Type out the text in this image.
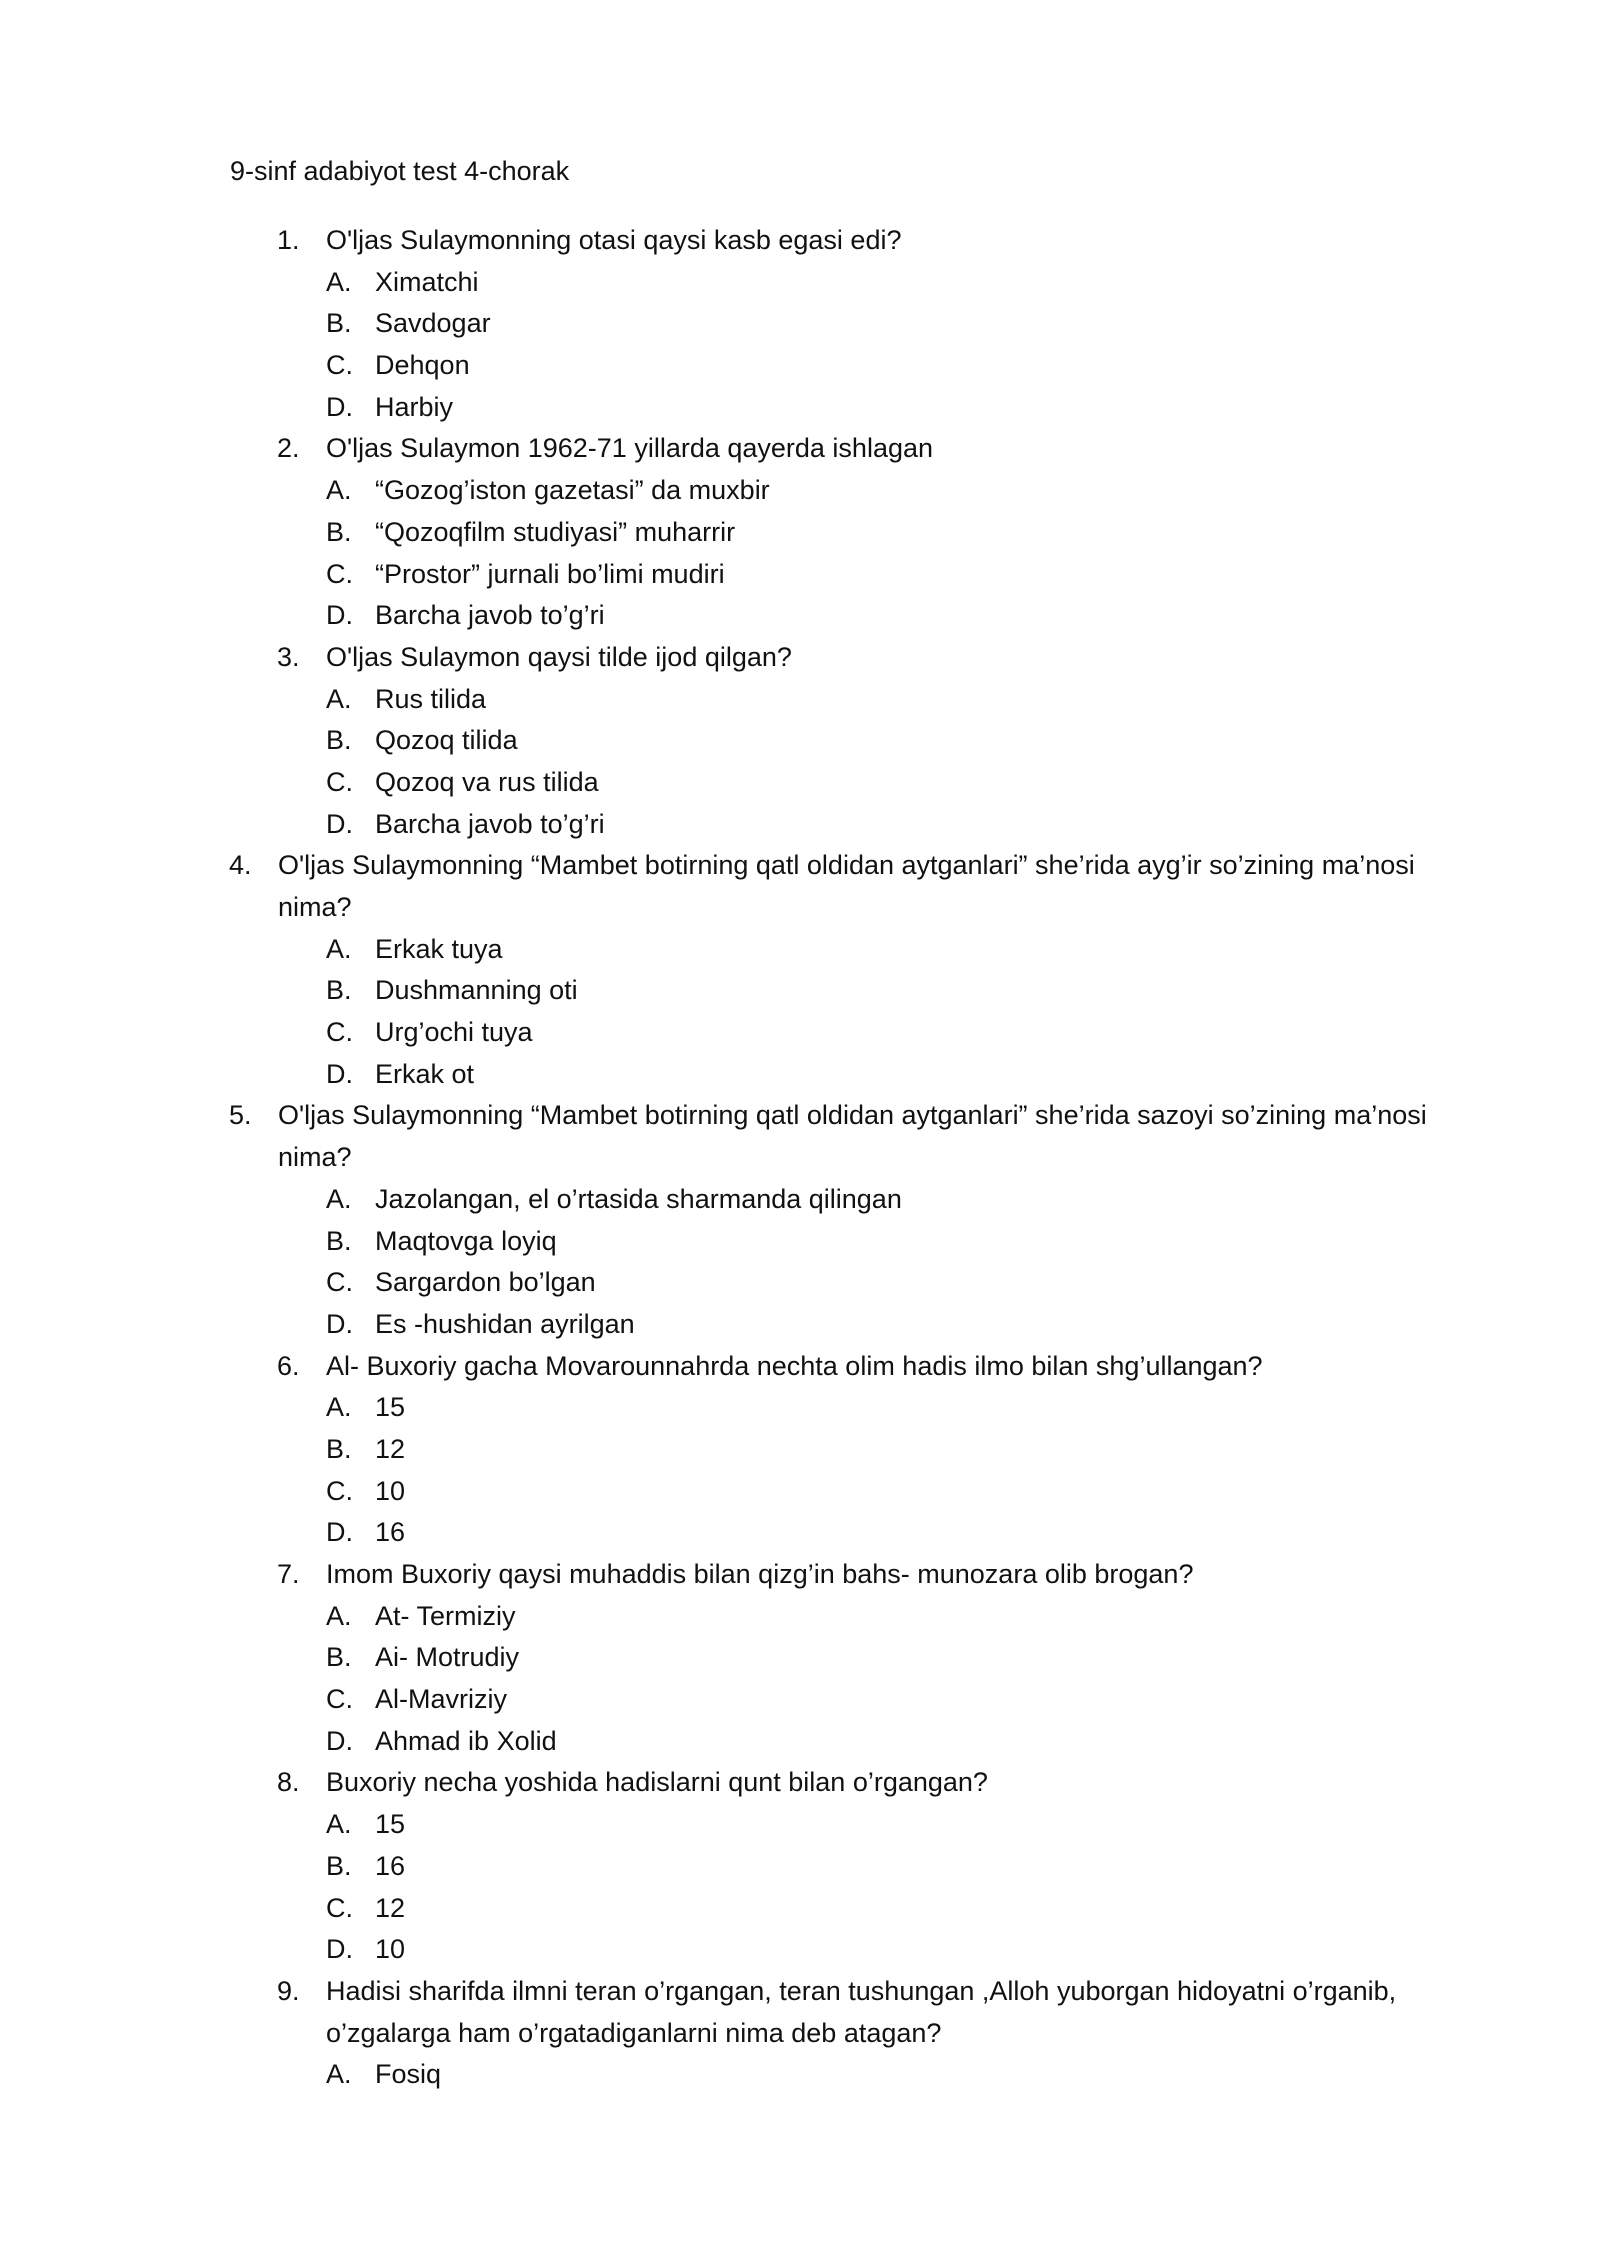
9-sinf adabiyot test 4-chorak
1. O'ljas Sulaymonning otasi qaysi kasb egasi edi?
A. Ximatchi
B. Savdogar
C. Dehqon
D. Harbiy
2. O'ljas Sulaymon 1962-71 yillarda qayerda ishlagan
A. “Gozog’iston gazetasi” da muxbir
B. “Qozoqfilm studiyasi” muharrir
C. “Prostor” jurnali bo’limi mudiri
D. Barcha javob to’g’ri
3. O'ljas Sulaymon qaysi tilde ijod qilgan?
A. Rus tilida
B. Qozoq tilida
C. Qozoq va rus tilida
D. Barcha javob to’g’ri
4. O'ljas Sulaymonning “Mambet botirning qatl oldidan aytganlari” she’rida ayg’ir so’zining ma’nosi nima?
A. Erkak tuya
B. Dushmanning oti
C. Urg’ochi tuya
D. Erkak ot
5. O'ljas Sulaymonning “Mambet botirning qatl oldidan aytganlari” she’rida sazoyi so’zining ma’nosi nima?
A. Jazolangan, el o’rtasida sharmanda qilingan
B. Maqtovga loyiq
C. Sargardon bo’lgan
D. Es -hushidan ayrilgan
6. Al- Buxoriy gacha Movarounnahrda nechta olim hadis ilmo bilan shg’ullangan?
A. 15
B. 12
C. 10
D. 16
7. Imom Buxoriy qaysi muhaddis bilan qizg’in bahs- munozara olib brogan?
A. At- Termiziy
B. Ai- Motrudiy
C. Al-Mavriziy
D. Ahmad ib Xolid
8. Buxoriy necha yoshida hadislarni qunt bilan o’rgangan?
A. 15
B. 16
C. 12
D. 10
9. Hadisi sharifda ilmni teran o’rgangan, teran tushungan ,Alloh yuborgan hidoyatni o’rganib, o’zgalarga ham o’rgatadiganlarni nima deb atagan?
A. Fosiq
